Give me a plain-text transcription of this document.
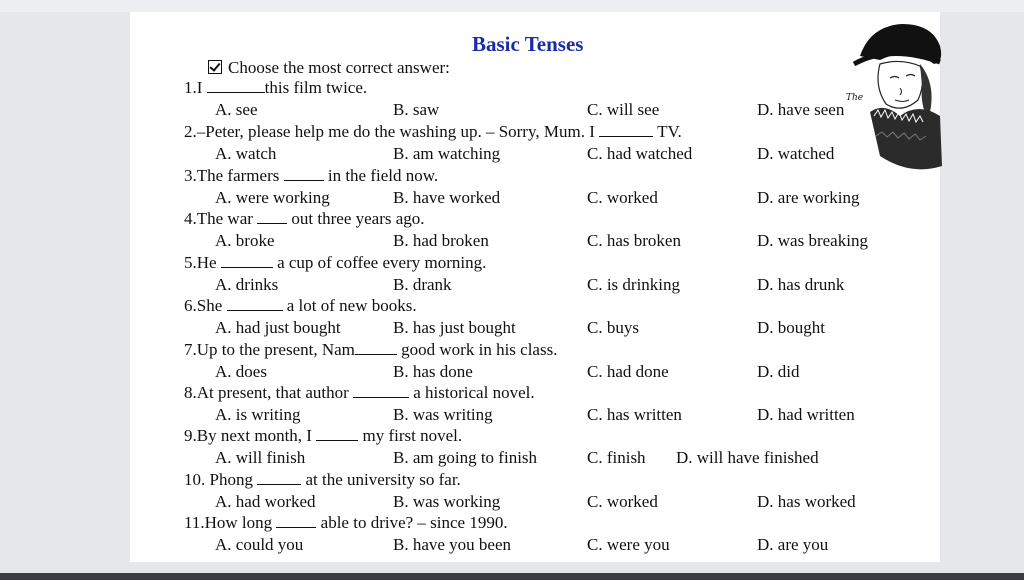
The
Basic Tenses
Choose the most correct answer:
1.I	this film twice.
A. see	B. saw	C. will see	D. have seen
2.–Peter, please help me do the washing up. – Sorry, Mum. I	TV.
A. watch	B. am watching	C. had watched	D. watched
3.The farmers  in the field now.
A. were working	B. have worked	C. worked	D. are working
4.The war  out three years ago.
A. broke	B. had broken	C. has broken	D. was breaking
5.He	a cup of coffee every morning.
A. drinks	B. drank	C. is drinking	D. has drunk
6.She	a lot of new books.
A. had just bought	B. has just bought	C. buys	D. bought
7.Up to the present, Nam good work in his class.
A. does	B. has done	C. had done	D. did
8.At present, that author	a historical novel.
A. is writing	B. was writing	C. has written	D. had written
9.By next month, I  my first novel.
A. will finish	B. am going to finish	C. finish D. will have finished
10. Phong	at the university so far.
A. had worked	B. was working	C. worked	D. has worked
11.How long  able to drive? – since 1990.
A. could you	B. have you been	C. were you	D. are you
